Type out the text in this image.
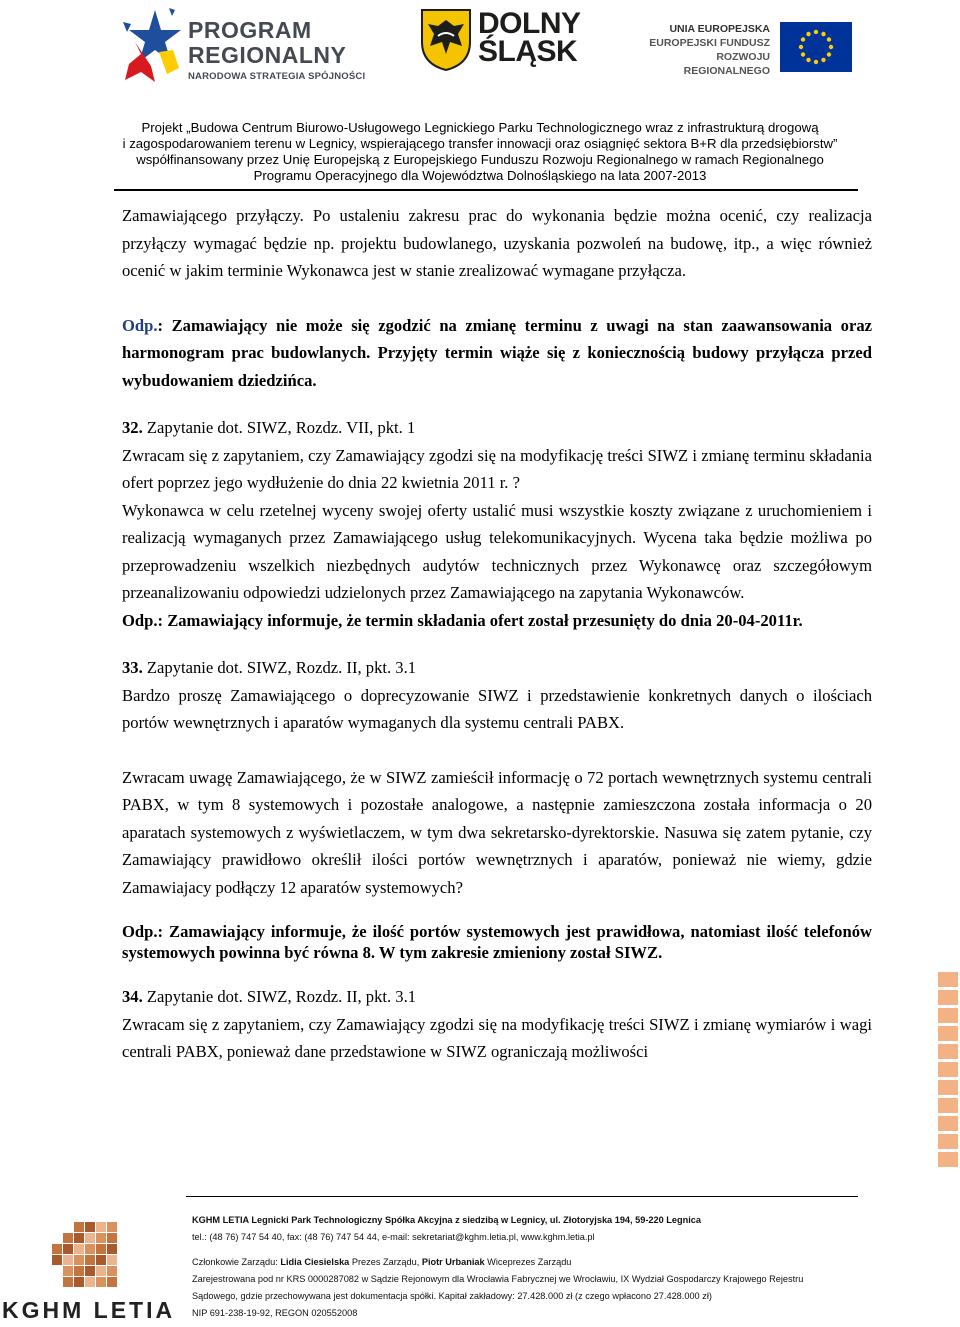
PROGRAM
REGIONALNY
NARODOWA STRATEGIA SPÓJNOŚCI
DOLNY
ŚLĄSK
UNIA EUROPEJSKA
EUROPEJSKI FUNDUSZ
ROZWOJU REGIONALNEGO
Projekt „Budowa Centrum Biurowo-Usługowego Legnickiego Parku Technologicznego wraz z infrastrukturą drogową
i zagospodarowaniem terenu w Legnicy, wspierającego transfer innowacji oraz osiągnięć sektora B+R dla przedsiębiorstw”
współfinansowany przez Unię Europejską z Europejskiego Funduszu Rozwoju Regionalnego w ramach Regionalnego
Programu Operacyjnego dla Województwa Dolnośląskiego na lata 2007-2013

Zamawiającego przyłączy. Po ustaleniu zakresu prac do wykonania będzie można ocenić, czy realizacja przyłączy wymagać będzie np. projektu budowlanego, uzyskania pozwoleń na budowę, itp., a więc również ocenić w jakim terminie Wykonawca jest w stanie zrealizować wymagane przyłącza.

Odp.: Zamawiający nie może się zgodzić na zmianę terminu z uwagi na stan zaawansowania oraz harmonogram prac budowlanych. Przyjęty termin wiąże się z koniecznością budowy przyłącza przed wybudowaniem dziedzińca.

32. Zapytanie dot. SIWZ, Rozdz. VII, pkt. 1

Zwracam się z zapytaniem, czy Zamawiający zgodzi się na modyfikację treści SIWZ i zmianę terminu składania ofert poprzez jego wydłużenie do dnia 22 kwietnia 2011 r. ?

Wykonawca w celu rzetelnej wyceny swojej oferty ustalić musi wszystkie koszty związane z uruchomieniem i realizacją wymaganych przez Zamawiającego usług telekomunikacyjnych. Wycena taka będzie możliwa po przeprowadzeniu wszelkich niezbędnych audytów technicznych przez Wykonawcę oraz szczegółowym przeanalizowaniu odpowiedzi udzielonych przez Zamawiającego na zapytania Wykonawców.

Odp.: Zamawiający informuje, że termin składania ofert został przesunięty do dnia 20-04-2011r.

33. Zapytanie dot. SIWZ, Rozdz. II, pkt. 3.1

Bardzo proszę Zamawiającego o doprecyzowanie SIWZ i przedstawienie konkretnych danych o ilościach portów wewnętrznych i aparatów wymaganych dla systemu centrali PABX.

Zwracam uwagę Zamawiającego, że w SIWZ zamieścił informację o 72 portach wewnętrznych systemu centrali PABX, w tym 8 systemowych i pozostałe analogowe, a następnie zamieszczona została informacja o 20 aparatach systemowych z wyświetlaczem, w tym dwa sekretarsko-dyrektorskie. Nasuwa się zatem pytanie, czy Zamawiający prawidłowo określił ilości portów wewnętrznych i aparatów, ponieważ nie wiemy, gdzie Zamawiajacy podłączy 12 aparatów systemowych?

Odp.: Zamawiający informuje, że ilość portów systemowych jest prawidłowa, natomiast ilość telefonów systemowych powinna być równa 8. W tym zakresie zmieniony został SIWZ.

34. Zapytanie dot. SIWZ, Rozdz. II, pkt. 3.1

Zwracam się z zapytaniem, czy Zamawiający zgodzi się na modyfikację treści SIWZ i zmianę wymiarów i wagi centrali PABX, ponieważ dane przedstawione w SIWZ ograniczają możliwości

KGHM LETIA
KGHM LETIA Legnicki Park Technologiczny Spółka Akcyjna z siedzibą w Legnicy, ul. Złotoryjska 194, 59-220 Legnica
tel.: (48 76) 747 54 40, fax: (48 76) 747 54 44, e-mail: sekretariat@kghm.letia.pl, www.kghm.letia.pl
Członkowie Zarządu: Lidia Ciesielska Prezes Zarządu, Piotr Urbaniak Wiceprezes Zarządu
Zarejestrowana pod nr KRS 0000287082 w Sądzie Rejonowym dla Wrocławia Fabrycznej we Wrocławiu, IX Wydział Gospodarczy Krajowego Rejestru
Sądowego, gdzie przechowywana jest dokumentacja spółki. Kapitał zakładowy: 27.428.000 zł (z czego wpłacono 27.428.000 zł)
NIP 691-238-19-92, REGON 020552008
